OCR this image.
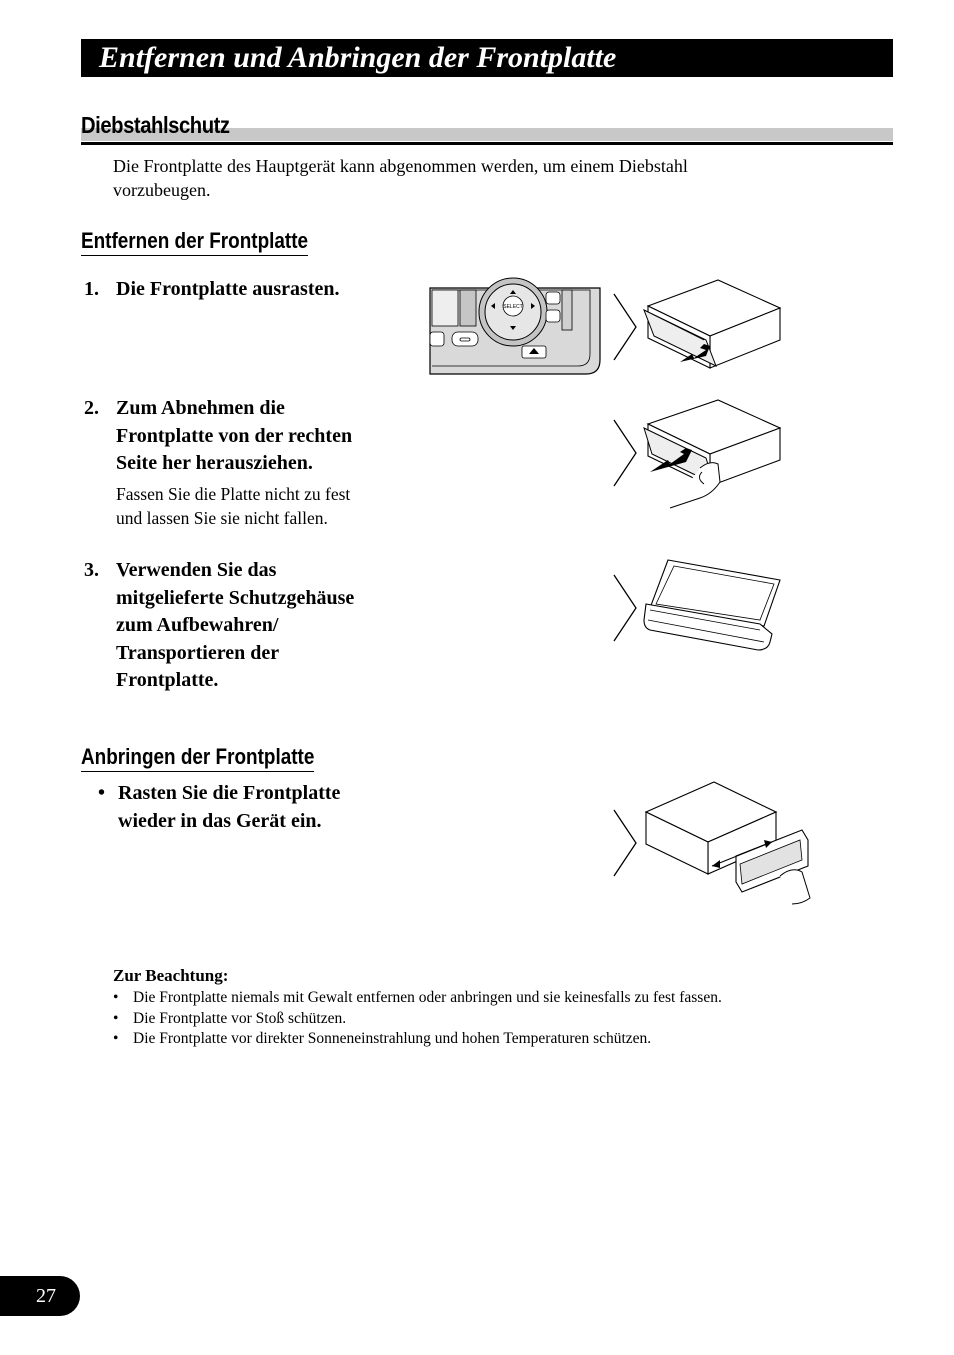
Entfernen und Anbringen der Frontplatte
Diebstahlschutz
Die Frontplatte des Hauptgerät kann abgenommen werden, um einem Diebstahl
vorzubeugen.
Entfernen der Frontplatte
1. Die Frontplatte ausrasten.
2. Zum Abnehmen die
Frontplatte von der rechten
Seite her herausziehen.
Fassen Sie die Platte nicht zu fest
und lassen Sie sie nicht fallen.
3. Verwenden Sie das
mitgelieferte Schutzgehäuse
zum Aufbewahren/
Transportieren der
Frontplatte.
Anbringen der Frontplatte
• Rasten Sie die Frontplatte
wieder in das Gerät ein.
Zur Beachtung:
• Die Frontplatte niemals mit Gewalt entfernen oder anbringen und sie keinesfalls zu fest fassen.
• Die Frontplatte vor Stoß schützen.
• Die Frontplatte vor direkter Sonneneinstrahlung und hohen Temperaturen schützen.
27
SELECT
